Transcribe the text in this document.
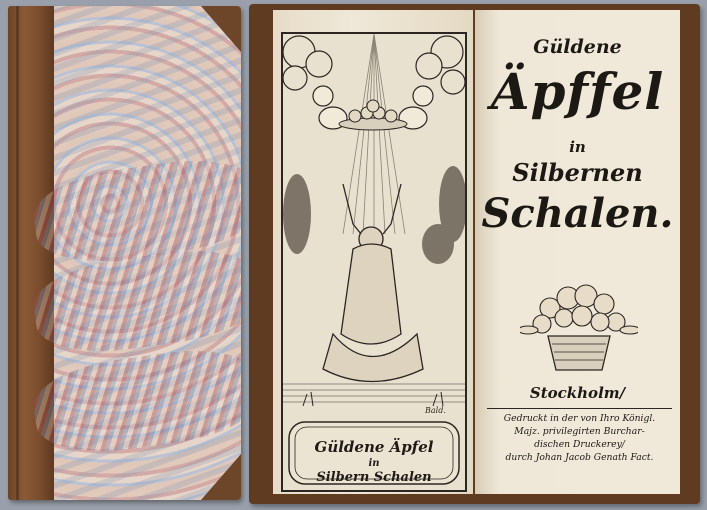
Bald.
Güldene Äpfel
in
Silbern Schalen
Güldene
Äpffel
in
Silbernen
Schalen.
Stockholm/
Gedruckt in der von Ihro Königl.
Majz. privilegirten Burchar-
dischen Druckerey/
durch Johan Jacob Genath Fact.
